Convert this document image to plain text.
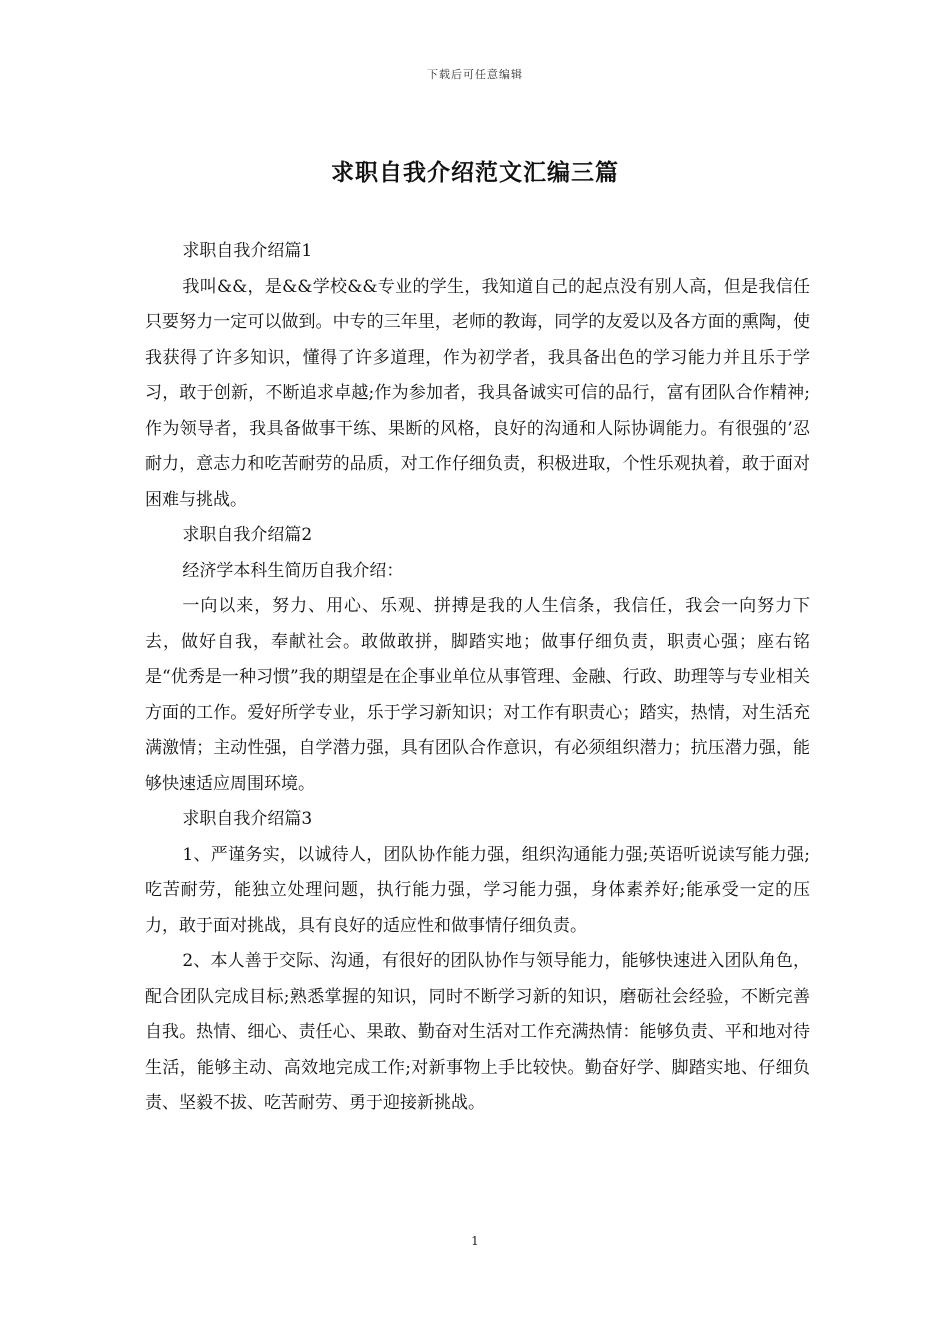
下载后可任意编辑
求职自我介绍范文汇编三篇

求职自我介绍篇1

我叫&&，是&&学校&&专业的学生，我知道自己的起点没有别人高，但是我信任只要努力一定可以做到。中专的三年里，老师的教诲，同学的友爱以及各方面的熏陶，使我获得了许多知识，懂得了许多道理，作为初学者，我具备出色的学习能力并且乐于学习，敢于创新，不断追求卓越;作为参加者，我具备诚实可信的品行，富有团队合作精神;作为领导者，我具备做事干练、果断的风格，良好的沟通和人际协调能力。有很强的’忍耐力，意志力和吃苦耐劳的品质，对工作仔细负责，积极进取，个性乐观执着，敢于面对困难与挑战。

求职自我介绍篇2

经济学本科生简历自我介绍：

一向以来，努力、用心、乐观、拼搏是我的人生信条，我信任，我会一向努力下去，做好自我，奉献社会。敢做敢拼，脚踏实地；做事仔细负责，职责心强；座右铭是“优秀是一种习惯”我的期望是在企事业单位从事管理、金融、行政、助理等与专业相关方面的工作。爱好所学专业，乐于学习新知识；对工作有职责心；踏实，热情，对生活充满激情；主动性强，自学潜力强，具有团队合作意识，有必须组织潜力；抗压潜力强，能够快速适应周围环境。

求职自我介绍篇3

1、严谨务实，以诚待人，团队协作能力强，组织沟通能力强;英语听说读写能力强;吃苦耐劳，能独立处理问题，执行能力强，学习能力强，身体素养好;能承受一定的压力，敢于面对挑战，具有良好的适应性和做事情仔细负责。

2、本人善于交际、沟通，有很好的团队协作与领导能力，能够快速进入团队角色，配合团队完成目标;熟悉掌握的知识，同时不断学习新的知识，磨砺社会经验，不断完善自我。热情、细心、责任心、果敢、勤奋对生活对工作充满热情：能够负责、平和地对待生活，能够主动、高效地完成工作;对新事物上手比较快。勤奋好学、脚踏实地、仔细负责、坚毅不拔、吃苦耐劳、勇于迎接新挑战。

1
